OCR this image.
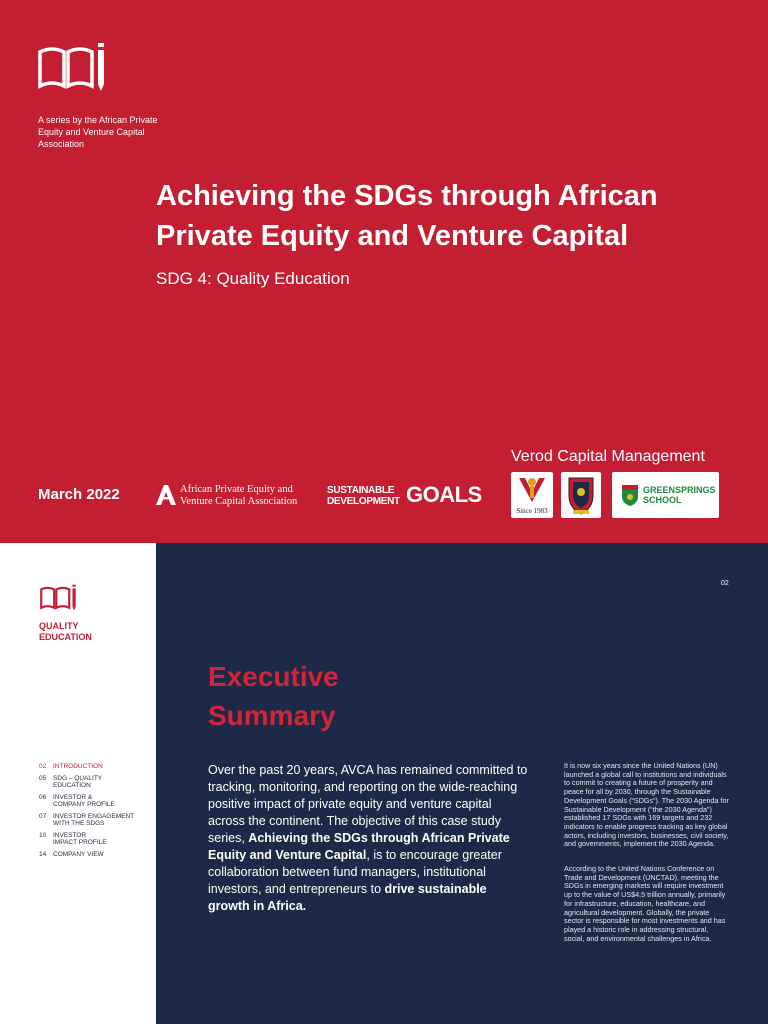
A series by the African Private Equity and Venture Capital Association
Achieving the SDGs through African Private Equity and Venture Capital
SDG 4: Quality Education
March 2022	African Private Equity and
Venture Capital Association
SUSTAINABLE
DEVELOPMENT GOALS
Verod Capital Management
Since 1983
GREENSPRINGS
SCHOOL
QUALITY
EDUCATION
02	INTRODUCTION
05	SDG – QUALITY
EDUCATION
06	INVESTOR &
COMPANY PROFILE
07	INVESTOR ENGAGEMENT
WITH THE SDGS
10	INVESTOR
IMPACT PROFILE
14	COMPANY VIEW
02
Executive
Summary

Over the past 20 years, AVCA has remained committed to tracking, monitoring, and reporting on the wide-reaching positive impact of private equity and venture capital across the continent. The objective of this case study series, Achieving the SDGs through African Private Equity and Venture Capital, is to encourage greater collaboration between fund managers, institutional investors, and entrepreneurs to drive sustainable growth in Africa.

It is now six years since the United Nations (UN) launched a global call to institutions and individuals to commit to creating a future of prosperity and peace for all by 2030, through the Sustainable Development Goals (“SDGs”). The 2030 Agenda for Sustainable Development (“the 2030 Agenda”) established 17 SDGs with 169 targets and 232 indicators to enable progress tracking as key global actors, including investors, businesses, civil society, and governments, implement the 2030 Agenda.

According to the United Nations Conference on Trade and Development (UNCTAD), meeting the SDGs in emerging markets will require investment up to the value of US$4.5 trillion annually, primarily for infrastructure, education, healthcare, and agricultural development. Globally, the private sector is responsible for most investments and has played a historic role in addressing structural, social, and environmental challenges in Africa.
